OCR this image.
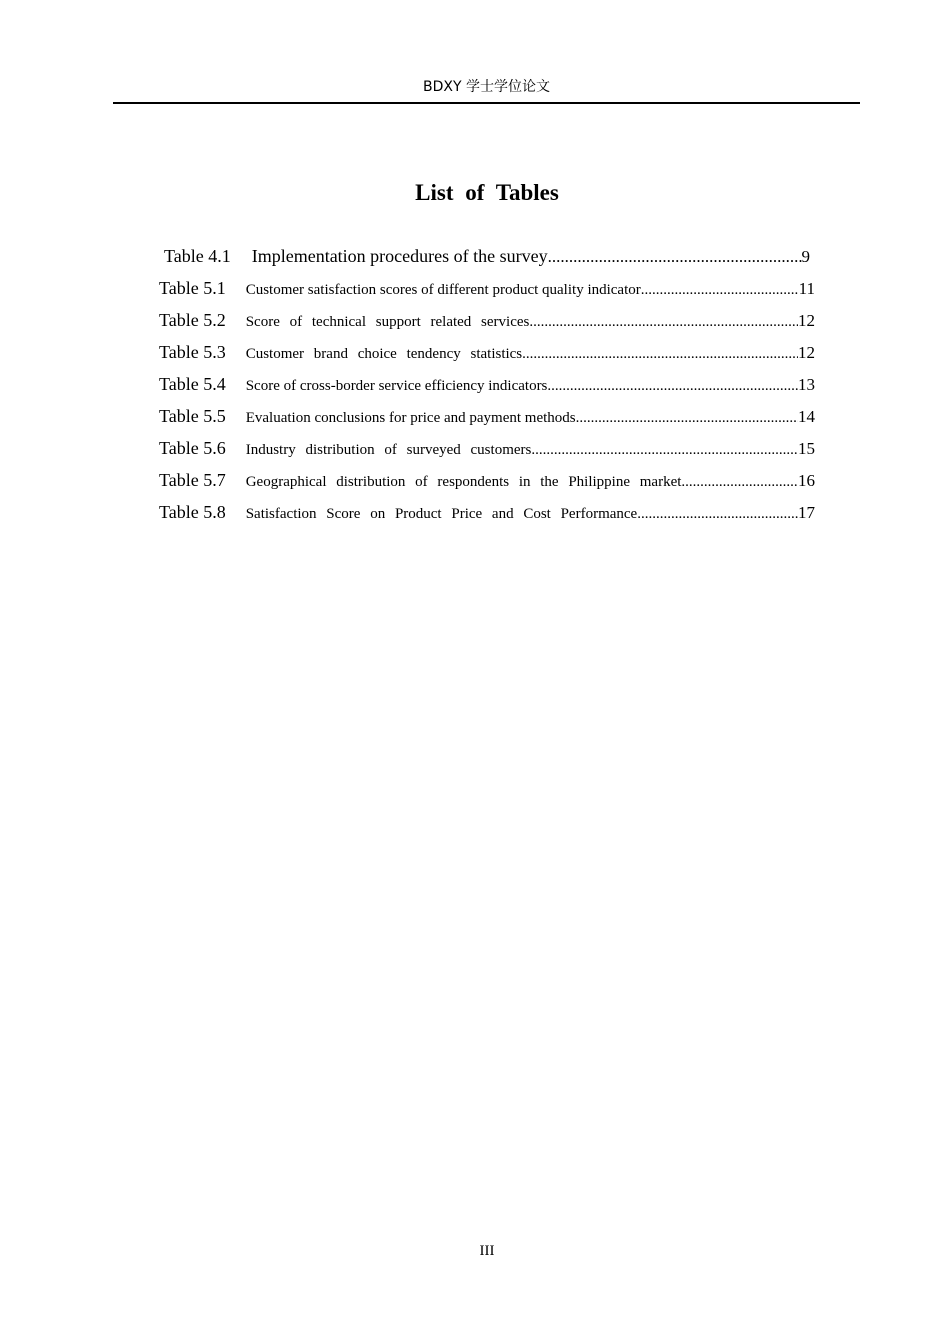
BDXY 学士学位论文
List of Tables
Table 4.1 Implementation procedures of the survey .....	9
Table 5.1 Customer satisfaction scores of different product quality indicator .....	11
Table 5.2 Score of technical support related services .....	12
Table 5.3 Customer brand choice tendency statistics .....	12
Table 5.4 Score of cross-border service efficiency indicators .....	13
Table 5.5 Evaluation conclusions for price and payment methods .....	14
Table 5.6 Industry distribution of surveyed customers .....	15
Table 5.7 Geographical distribution of respondents in the Philippine market .....	16
Table 5.8 Satisfaction Score on Product Price and Cost Performance .....	17
III
